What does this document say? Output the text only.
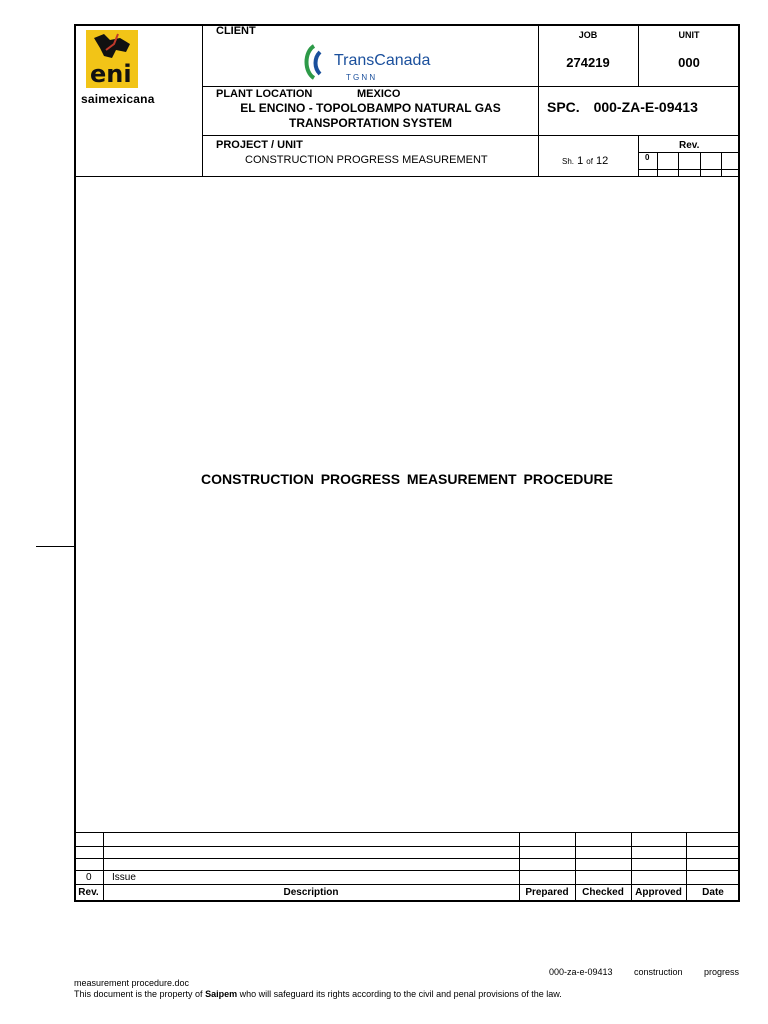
eni
saimexicana
CLIENT
TransCanada
T G N N
PLANT LOCATION	MEXICO
EL ENCINO - TOPOLOBAMPO NATURAL GAS
TRANSPORTATION SYSTEM
PROJECT / UNIT
CONSTRUCTION PROGRESS MEASUREMENT
JOB
274219
UNIT
000
SPC. 000-ZA-E-09413
Sh. 1 of 12
Rev.
0
CONSTRUCTION PROGRESS MEASUREMENT PROCEDURE
0 Issue
Rev.	Description	Prepared	Checked	Approved	Date
000-za-e-09413 construction progress
measurement procedure.doc
This document is the property of Saipem who will safeguard its rights according to the civil and penal provisions of the law.
